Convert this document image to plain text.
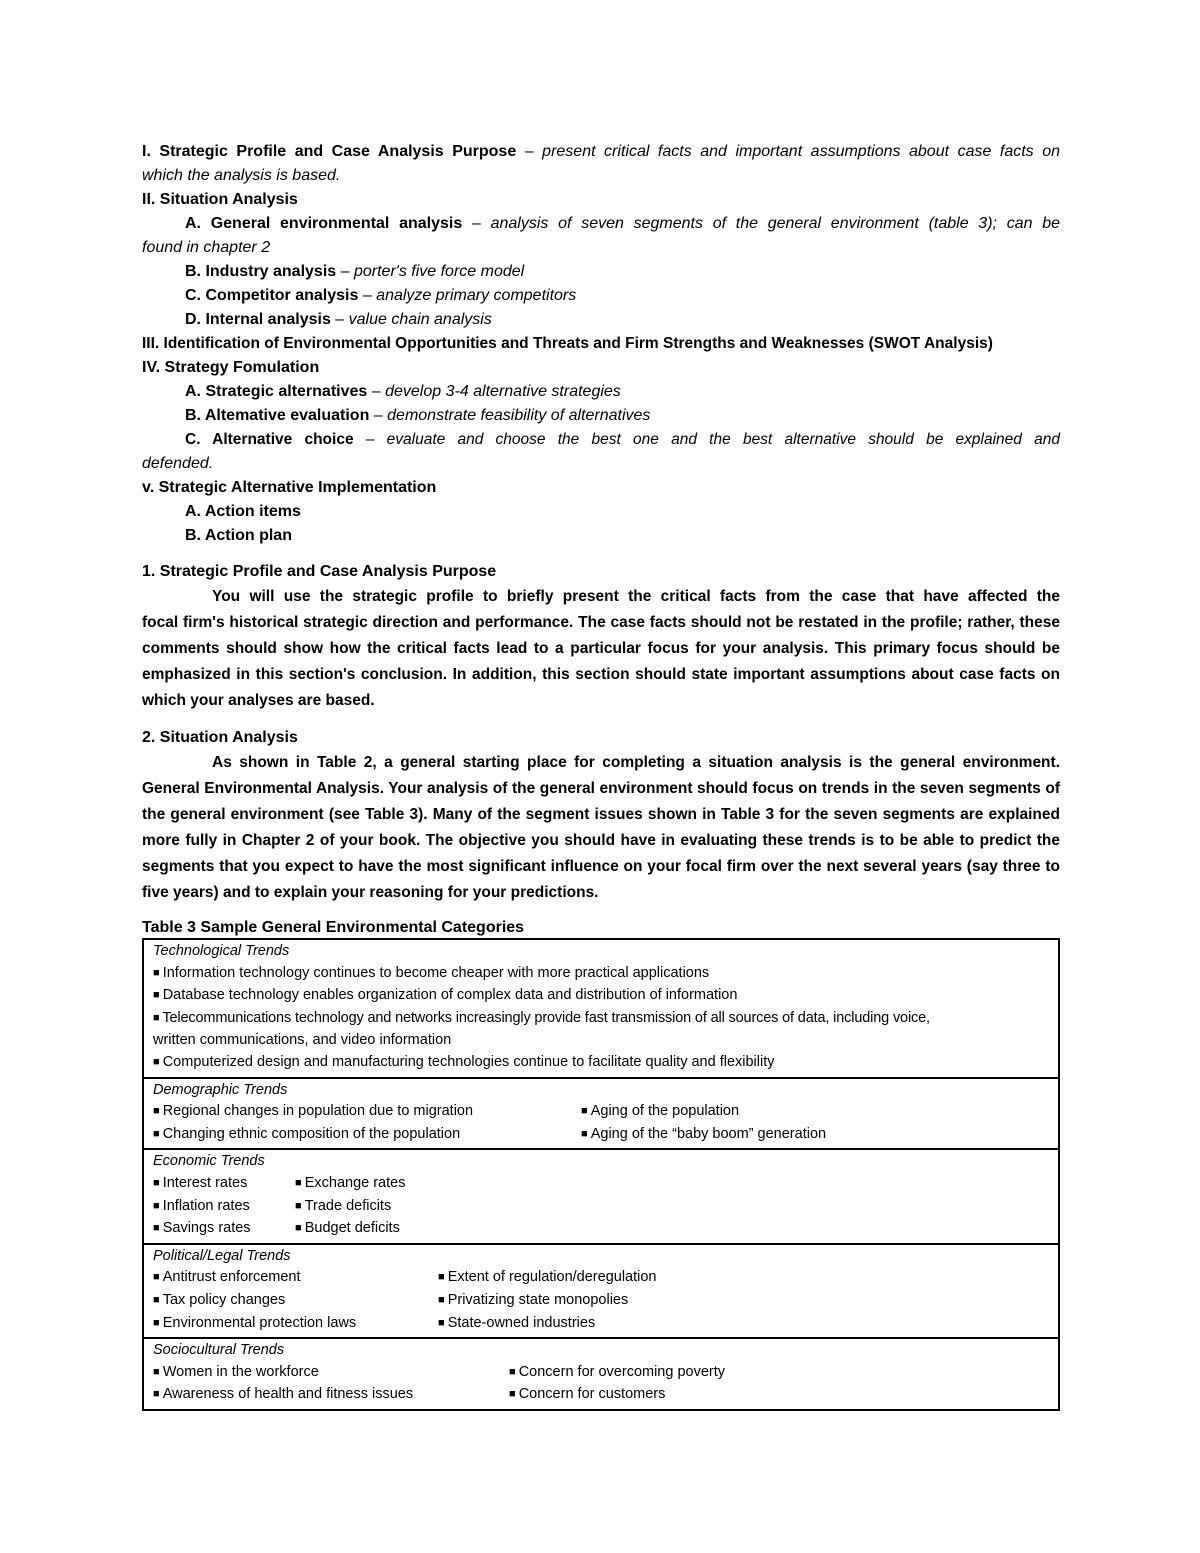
I. Strategic Profile and Case Analysis Purpose – present critical facts and important assumptions about case facts on
which the analysis is based.
II. Situation Analysis
A. General environmental analysis – analysis of seven segments of the general environment (table 3); can be
found in chapter 2
B. Industry analysis – porter's five force model
C. Competitor analysis – analyze primary competitors
D. Internal analysis – value chain analysis
III. Identification of Environmental Opportunities and Threats and Firm Strengths and Weaknesses (SWOT Analysis)
IV. Strategy Fomulation
A. Strategic alternatives – develop 3-4 alternative strategies
B. Altemative evaluation – demonstrate feasibility of alternatives
C. Alternative choice – evaluate and choose the best one and the best alternative should be explained and
defended.
v. Strategic Alternative Implementation
A. Action items
B. Action plan
1. Strategic Profile and Case Analysis Purpose
You will use the strategic profile to briefly present the critical facts from the case that have affected the
focal firm's historical strategic direction and performance. The case facts should not be restated in the profile; rather, these comments should show how the critical facts lead to a particular focus for your analysis. This primary focus should be emphasized in this section's conclusion. In addition, this section should state important assumptions about case facts on which your analyses are based.
2. Situation Analysis
As shown in Table 2, a general starting place for completing a situation analysis is the general environment.
General Environmental Analysis. Your analysis of the general environment should focus on trends in the seven segments of the general environment (see Table 3). Many of the segment issues shown in Table 3 for the seven segments are explained more fully in Chapter 2 of your book. The objective you should have in evaluating these trends is to be able to predict the segments that you expect to have the most significant influence on your focal firm over the next several years (say three to five years) and to explain your reasoning for your predictions.
Table 3 Sample General Environmental Categories
Technological Trends
■ Information technology continues to become cheaper with more practical applications
■ Database technology enables organization of complex data and distribution of information
■ Telecommunications technology and networks increasingly provide fast transmission of all sources of data, including voice,
written communications, and video information
■ Computerized design and manufacturing technologies continue to facilitate quality and flexibility

Demographic Trends
■ Regional changes in population due to migration	■ Aging of the population
■ Changing ethnic composition of the population	■ Aging of the “baby boom” generation

Economic Trends
■ Interest rates	■ Exchange rates
■ Inflation rates	■ Trade deficits
■ Savings rates	■ Budget deficits

Political/Legal Trends
■ Antitrust enforcement	■ Extent of regulation/deregulation
■ Tax policy changes	■ Privatizing state monopolies
■ Environmental protection laws	■ State-owned industries

Sociocultural Trends
■ Women in the workforce	■ Concern for overcoming poverty
■ Awareness of health and fitness issues	■ Concern for customers
